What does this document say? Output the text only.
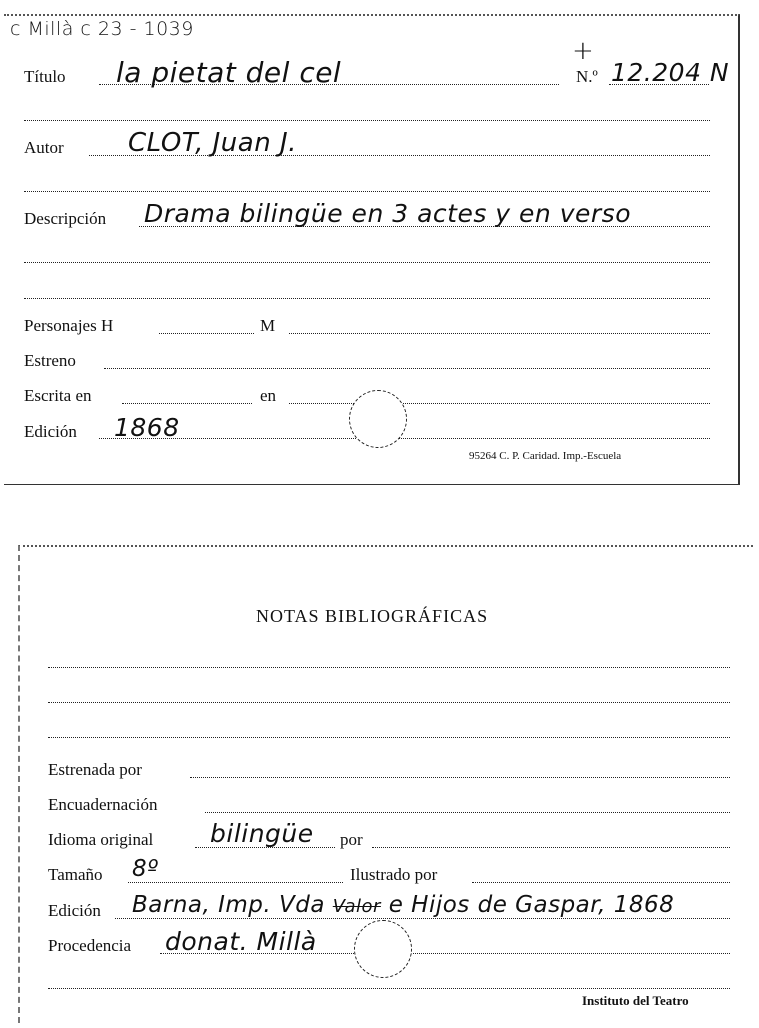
c Millà c 23 - 1039
+
Título la pietat del cel	N.º 12.204 N
Autor CLOT, Juan J.
Descripción Drama bilingüe en 3 actes y en verso
Personajes H	M
Estreno
Escrita en	en
Edición 1868
95264 C. P. Caridad. Imp.-Escuela
NOTAS BIBLIOGRÁFICAS
Estrenada por
Encuadernación
Idioma original bilingüe por
Tamaño 8º	Ilustrado por
Edición Barna, Imp. Vda Valor e Hijos de Gaspar, 1868
Procedencia donat. Millà
Instituto del Teatro
